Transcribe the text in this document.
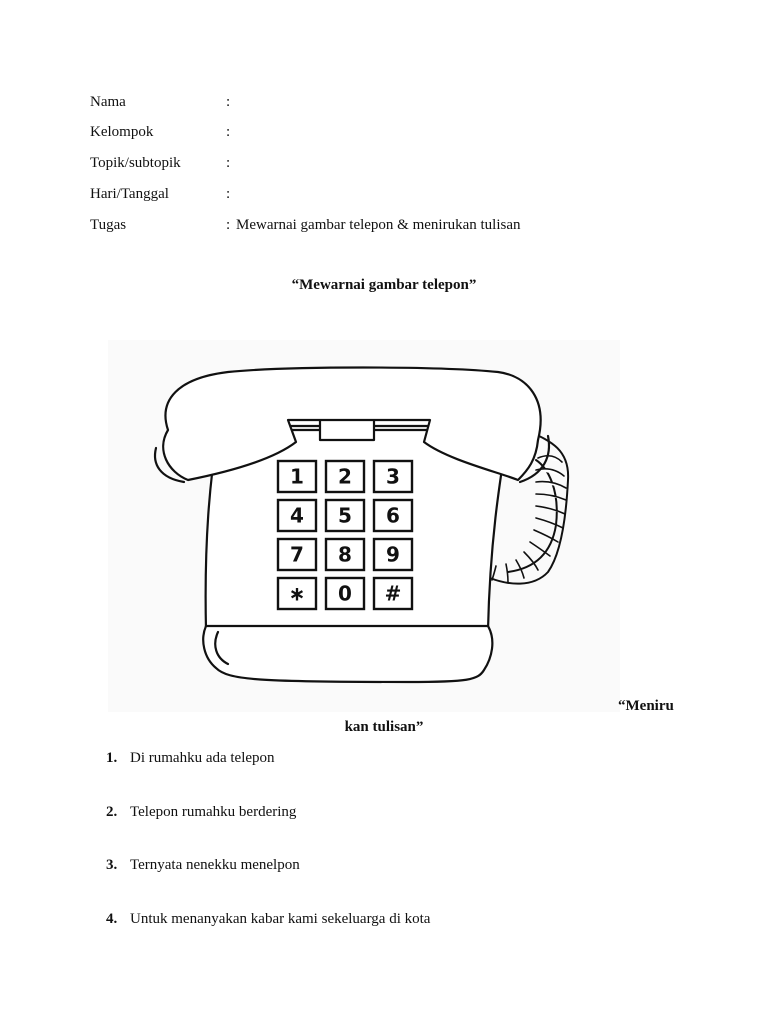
Nama	:
Kelompok	:
Topik/subtopik	:
Hari/Tanggal	:
Tugas	: Mewarnai gambar telepon & menirukan tulisan
“Mewarnai gambar telepon”
1 2 3
4 5 6
7 8 9
∗ 0 #
“Meniru
kan tulisan”
1. Di rumahku ada telepon
2. Telepon rumahku berdering
3. Ternyata nenekku menelpon
4. Untuk menanyakan kabar kami sekeluarga di kota
